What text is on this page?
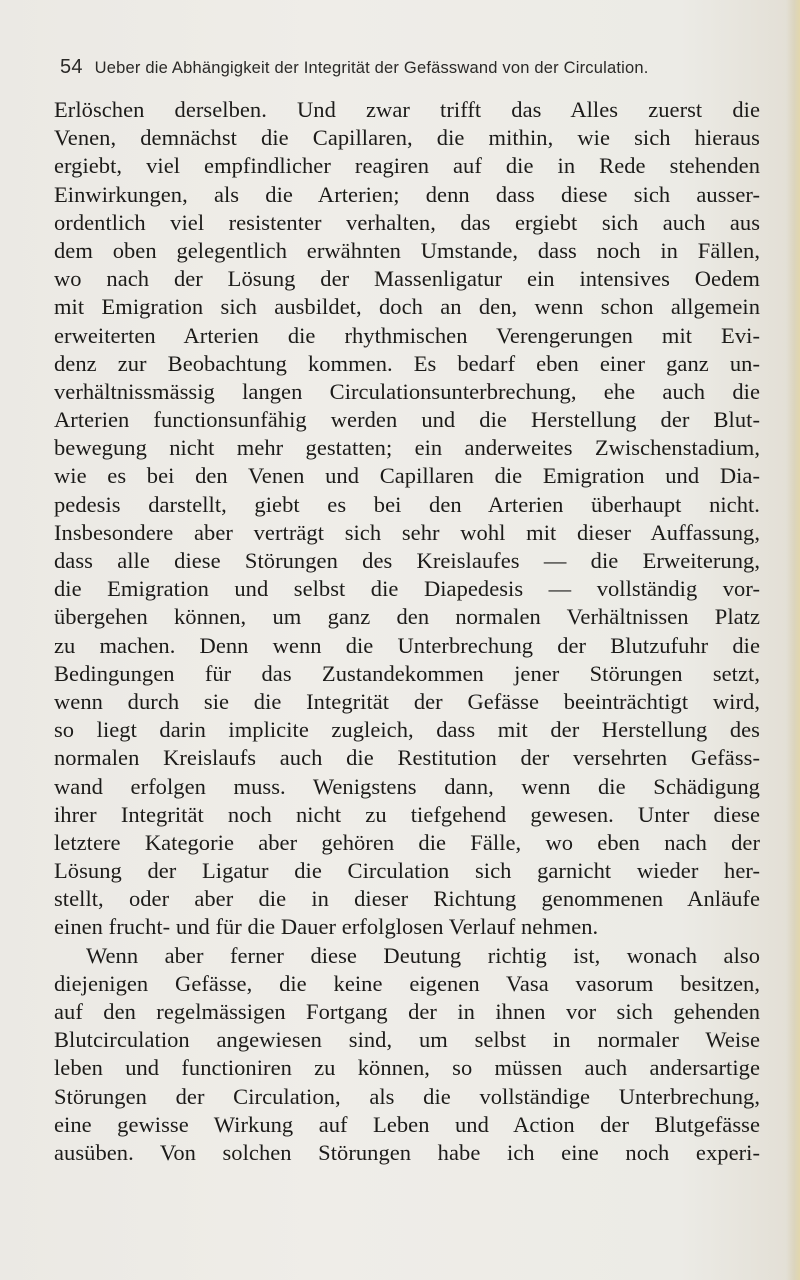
54 Ueber die Abhängigkeit der Integrität der Gefässwand von der Circulation.
Erlöschen derselben. Und zwar trifft das Alles zuerst die
Venen, demnächst die Capillaren, die mithin, wie sich hieraus
ergiebt, viel empfindlicher reagiren auf die in Rede stehenden
Einwirkungen, als die Arterien; denn dass diese sich ausser-
ordentlich viel resistenter verhalten, das ergiebt sich auch aus
dem oben gelegentlich erwähnten Umstande, dass noch in Fällen,
wo nach der Lösung der Massenligatur ein intensives Oedem
mit Emigration sich ausbildet, doch an den, wenn schon allgemein
erweiterten Arterien die rhythmischen Verengerungen mit Evi-
denz zur Beobachtung kommen. Es bedarf eben einer ganz un-
verhältnissmässig langen Circulationsunterbrechung, ehe auch die
Arterien functionsunfähig werden und die Herstellung der Blut-
bewegung nicht mehr gestatten; ein anderweites Zwischenstadium,
wie es bei den Venen und Capillaren die Emigration und Dia-
pedesis darstellt, giebt es bei den Arterien überhaupt nicht.
Insbesondere aber verträgt sich sehr wohl mit dieser Auffassung,
dass alle diese Störungen des Kreislaufes — die Erweiterung,
die Emigration und selbst die Diapedesis — vollständig vor-
übergehen können, um ganz den normalen Verhältnissen Platz
zu machen. Denn wenn die Unterbrechung der Blutzufuhr die
Bedingungen für das Zustandekommen jener Störungen setzt,
wenn durch sie die Integrität der Gefässe beeinträchtigt wird,
so liegt darin implicite zugleich, dass mit der Herstellung des
normalen Kreislaufs auch die Restitution der versehrten Gefäss-
wand erfolgen muss. Wenigstens dann, wenn die Schädigung
ihrer Integrität noch nicht zu tiefgehend gewesen. Unter diese
letztere Kategorie aber gehören die Fälle, wo eben nach der
Lösung der Ligatur die Circulation sich garnicht wieder her-
stellt, oder aber die in dieser Richtung genommenen Anläufe
einen frucht- und für die Dauer erfolglosen Verlauf nehmen.
Wenn aber ferner diese Deutung richtig ist, wonach also
diejenigen Gefässe, die keine eigenen Vasa vasorum besitzen,
auf den regelmässigen Fortgang der in ihnen vor sich gehenden
Blutcirculation angewiesen sind, um selbst in normaler Weise
leben und functioniren zu können, so müssen auch andersartige
Störungen der Circulation, als die vollständige Unterbrechung,
eine gewisse Wirkung auf Leben und Action der Blutgefässe
ausüben. Von solchen Störungen habe ich eine noch experi-
